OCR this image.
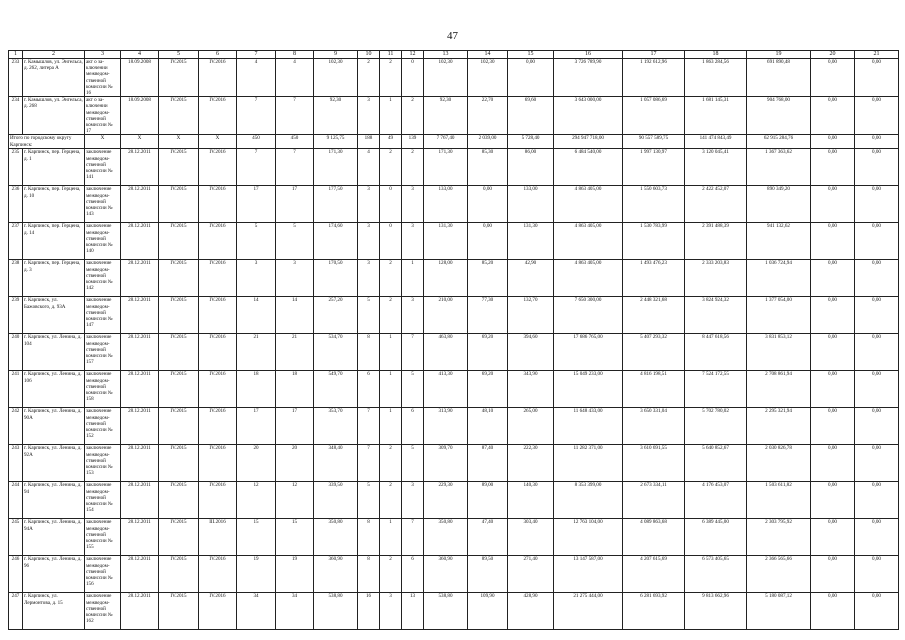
47
1	2	3	4	5	6	7	8	9	10	11	12	13	14	15	16	17	18	19	20	21
233	г. Камышлов, ул. Энгельса, д. 262, литера А	акт о за-ключении межведом-ственной комиссии № 16	18.09.2008	IV.2015	IV.2016	4	4	102,30	2	2	0	102,30	102,30	0,00	3 726 789,90	1 192 612,96	1 863 284,56	691 890,48	0,00	0,00
234	г. Камышлов, ул. Энгельса, д. 268	акт о за-ключении межведом-ственной комиссии № 17	18.09.2008	IV.2015	IV.2016	7	7	92,30	3	1	2	92,30	22,70	69,60	3 643 000,00	1 057 086,69	1 681 145,31	904 768,00	0,00	0,00
Итого по городскому округу Карпинск:		X	X	X	X	450	450	9 125,75	188	49	139	7 767,40	2 039,00	5 728,40	294 947 718,00	90 557 589,75	141 474 843,49	62 915 284,76	0,00	0,00
235	г. Карпинск, пер. Герцена, д. 1	заключение межведом-ственной комиссии № 141	28.12.2011	IV.2015	IV.2016	7	7	171,30	4	2	2	171,30	85,30	86,00	6 484 540,00	1 997 130,97	3 120 045,41	1 367 363,62	0,00	0,00
236	г. Карпинск, пер. Герцена, д. 10	заключение межведом-ственной комиссии № 143	28.12.2011	IV.2015	IV.2016	17	17	177,50	3	0	3	133,00	0,00	133,00	4 863 405,00	1 550 603,73	2 422 452,07	890 349,20	0,00	0,00
237	г. Карпинск, пер. Герцена, д. 14	заключение межведом-ственной комиссии № 140	28.12.2011	IV.2015	IV.2016	5	5	174,60	3	0	3	131,30	0,00	131,30	4 863 405,00	1 530 783,99	2 391 488,39	941 132,62	0,00	0,00
238	г. Карпинск, пер. Герцена, д. 3	заключение межведом-ственной комиссии № 142	28.12.2011	IV.2015	IV.2016	3	3	170,50	3	2	1	128,00	85,20	42,90	4 863 405,00	1 493 476,23	2 333 203,83	1 036 724,94	0,00	0,00
239	г. Карпинск, ул. Бажовского, д. 93А	заключение межведом-ственной комиссии № 147	28.12.2011	IV.2015	IV.2016	14	14	257,20	5	2	3	210,00	77,30	132,70	7 650 300,00	2 448 321,68	3 824 924,32	1 377 054,00	0,00	0,00
240	г. Карпинск, ул. Ленина, д. 104	заключение межведом-ственной комиссии № 157	28.12.2011	IV.2015	IV.2016	21	21	534,70	8	1	7	463,80	69,20	394,60	17 686 765,00	5 407 293,32	8 447 618,56	3 831 853,12	0,00	0,00
241	г. Карпинск, ул. Ленина, д. 106	заключение межведом-ственной комиссии № 158	28.12.2011	IV.2015	IV.2016	18	18	549,70	6	1	5	413,30	69,20	343,90	15 049 233,00	4 816 198,51	7 524 172,55	2 708 861,94	0,00	0,00
242	г. Карпинск, ул. Ленина, д. 90А	заключение межведом-ственной комиссии № 152	28.12.2011	IV.2015	IV.2016	17	17	353,70	7	1	6	313,90	48,10	265,00	11 648 433,00	3 650 331,04	5 702 780,02	2 295 321,94	0,00	0,00
243	г. Карпинск, ул. Ленина, д. 92А	заключение межведом-ственной комиссии № 153	28.12.2011	IV.2015	IV.2016	20	20	348,40	7	2	5	309,70	87,40	222,30	11 282 371,00	3 610 691,55	5 640 852,67	2 030 826,78	0,00	0,00
244	г. Карпинск, ул. Ленина, д. 94	заключение межведом-ственной комиссии № 154	28.12.2011	IV.2015	IV.2016	12	12	339,50	5	2	3	229,30	89,00	140,30	8 353 399,00	2 673 334,11	4 176 453,07	1 503 611,82	0,00	0,00
245	г. Карпинск, ул. Ленина, д. 94А	заключение межведом-ственной комиссии № 155	28.12.2011	IV.2015	III.2016	15	15	350,80	8	1	7	350,80	47,40	303,40	12 763 104,00	4 089 863,68	6 389 445,00	2 303 795,92	0,00	0,00
246	г. Карпинск, ул. Ленина, д. 96	заключение межведом-ственной комиссии № 156	28.12.2011	IV.2015	IV.2016	19	19	360,90	8	2	6	360,90	89,50	271,40	13 147 587,00	4 207 615,69	6 573 405,65	2 366 565,66	0,00	0,00
247	г. Карпинск, ул. Лермонтова, д. 15	заключение межведом-ственной комиссии № 162	28.12.2011	IV.2015	IV.2016	34	34	538,80	16	3	13	538,80	109,90	428,90	21 275 444,00	6 281 693,92	9 813 662,96	5 180 087,12	0,00	0,00
